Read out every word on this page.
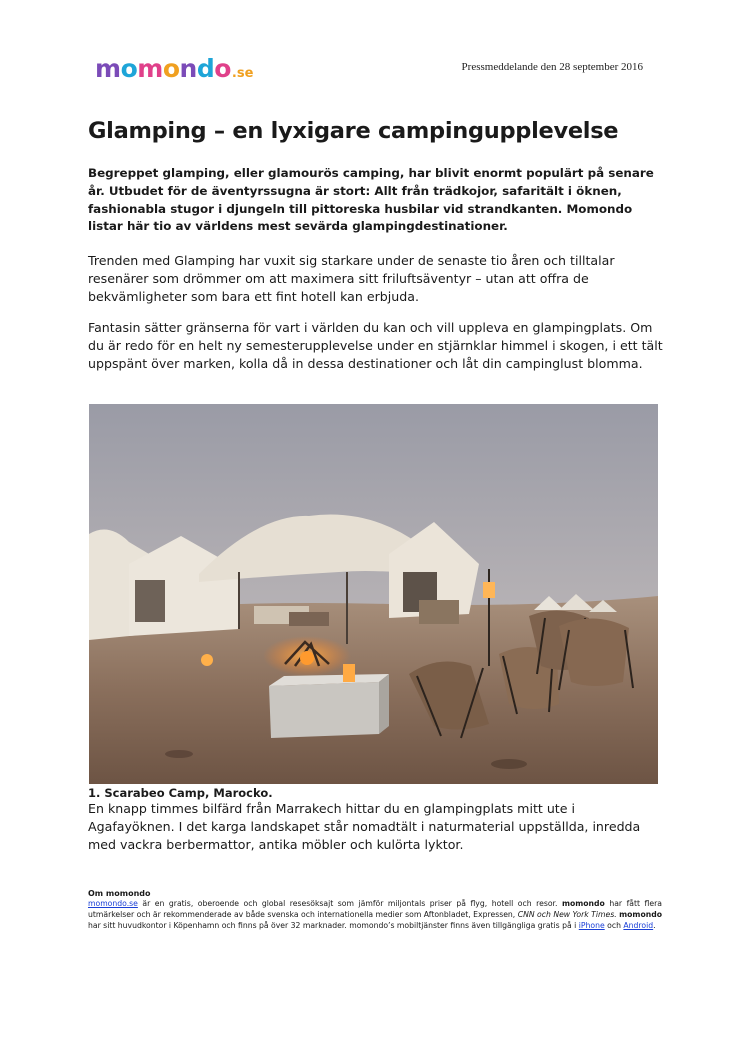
m o m o n d o .se	Pressmeddelande den 28 september 2016
Glamping – en lyxigare campingupplevelse

Begreppet glamping, eller glamourös camping, har blivit enormt populärt på senare år. Utbudet för de äventyrssugna är stort: Allt från trädkojor, safaritält i öknen, fashionabla stugor i djungeln till pittoreska husbilar vid strandkanten. Momondo listar här tio av världens mest sevärda glampingdestinationer.

Trenden med Glamping har vuxit sig starkare under de senaste tio åren och tilltalar resenärer som drömmer om att maximera sitt friluftsäventyr – utan att offra de bekvämligheter som bara ett fint hotell kan erbjuda.

Fantasin sätter gränserna för vart i världen du kan och vill uppleva en glampingplats. Om du är redo för en helt ny semesterupplevelse under en stjärnklar himmel i skogen, i ett tält uppspänt över marken, kolla då in dessa destinationer och låt din campinglust blomma.

1. Scarabeo Camp, Marocko.

En knapp timmes bilfärd från Marrakech hittar du en glampingplats mitt ute i Agafayöknen. I det karga landskapet står nomadtält i naturmaterial uppställda, inredda med vackra berbermattor, antika möbler och kulörta lyktor.

Om momondo

momondo.se är en gratis, oberoende och global resesöksajt som jämför miljontals priser på flyg, hotell och resor. momondo har fått flera utmärkelser och är rekommenderade av både svenska och internationella medier som Aftonbladet, Expressen, CNN och New York Times. momondo har sitt huvudkontor i Köpenhamn och finns på över 32 marknader. momondo’s mobiltjänster finns även tillgängliga gratis på i iPhone och Android.
